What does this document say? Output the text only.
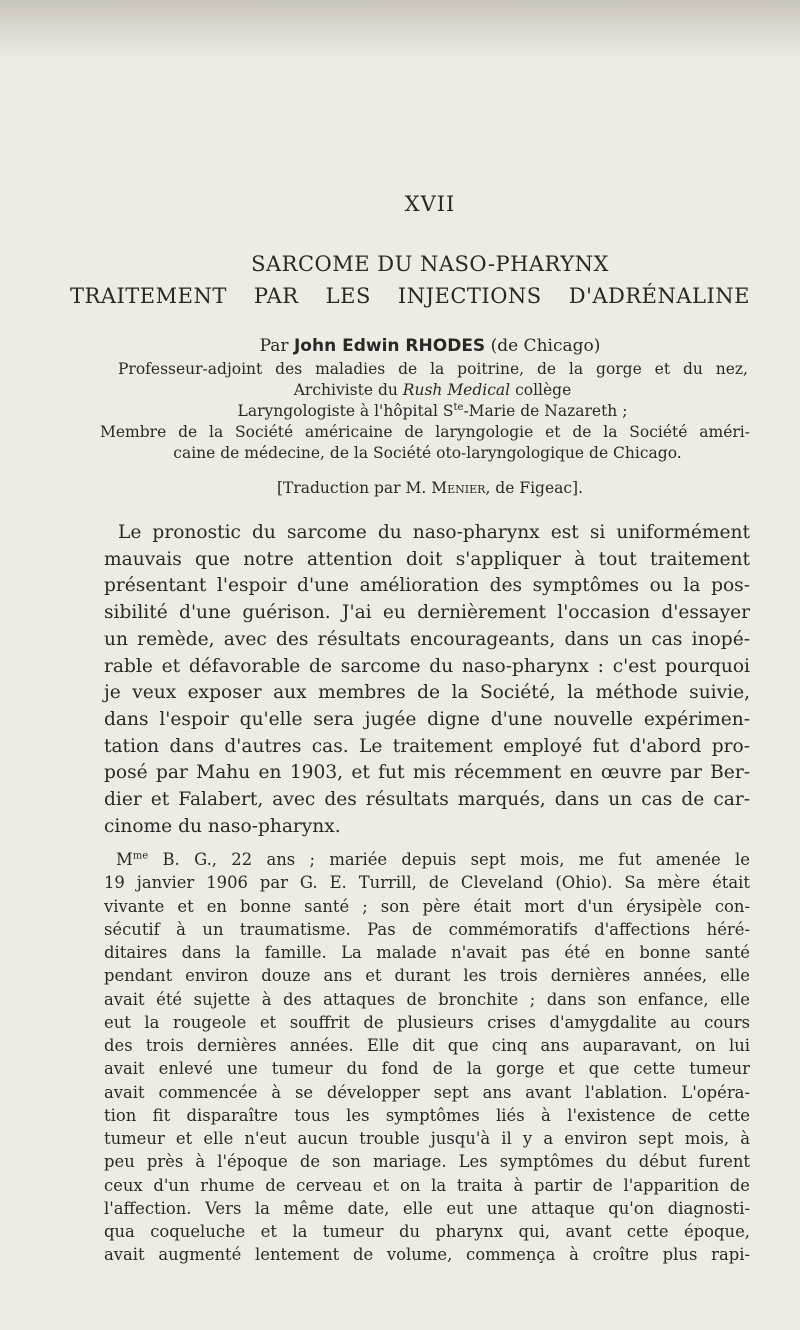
XVII
SARCOME DU NASO-PHARYNX
TRAITEMENT PAR LES INJECTIONS D'ADRÉNALINE
Par John Edwin RHODES (de Chicago)
Professeur-adjoint des maladies de la poitrine, de la gorge et du nez,
Archiviste du Rush Medical collège
Laryngologiste à l'hôpital $S^{te}$-Marie de Nazareth ;
Membre de la Société américaine de laryngologie et de la Société améri-
caine de médecine, de la Société oto-laryngologique de Chicago.
[Traduction par M. Menier, de Figeac].
Le pronostic du sarcome du naso-pharynx est si uniformément
mauvais que notre attention doit s'appliquer à tout traitement
présentant l'espoir d'une amélioration des symptômes ou la pos-
sibilité d'une guérison. J'ai eu dernièrement l'occasion d'essayer
un remède, avec des résultats encourageants, dans un cas inopé-
rable et défavorable de sarcome du naso-pharynx : c'est pourquoi
je veux exposer aux membres de la Société, la méthode suivie,
dans l'espoir qu'elle sera jugée digne d'une nouvelle expérimen-
tation dans d'autres cas. Le traitement employé fut d'abord pro-
posé par Mahu en 1903, et fut mis récemment en œuvre par Ber-
dier et Falabert, avec des résultats marqués, dans un cas de car-
cinome du naso-pharynx.
$M^{me}$ B. G., 22 ans ; mariée depuis sept mois, me fut amenée le
19 janvier 1906 par G. E. Turrill, de Cleveland (Ohio). Sa mère était
vivante et en bonne santé ; son père était mort d'un érysipèle con-
sécutif à un traumatisme. Pas de commémoratifs d'affections héré-
ditaires dans la famille. La malade n'avait pas été en bonne santé
pendant environ douze ans et durant les trois dernières années, elle
avait été sujette à des attaques de bronchite ; dans son enfance, elle
eut la rougeole et souffrit de plusieurs crises d'amygdalite au cours
des trois dernières années. Elle dit que cinq ans auparavant, on lui
avait enlevé une tumeur du fond de la gorge et que cette tumeur
avait commencée à se développer sept ans avant l'ablation. L'opéra-
tion fit disparaître tous les symptômes liés à l'existence de cette
tumeur et elle n'eut aucun trouble jusqu'à il y a environ sept mois, à
peu près à l'époque de son mariage. Les symptômes du début furent
ceux d'un rhume de cerveau et on la traita à partir de l'apparition de
l'affection. Vers la même date, elle eut une attaque qu'on diagnosti-
qua coqueluche et la tumeur du pharynx qui, avant cette époque,
avait augmenté lentement de volume, commença à croître plus rapi-
